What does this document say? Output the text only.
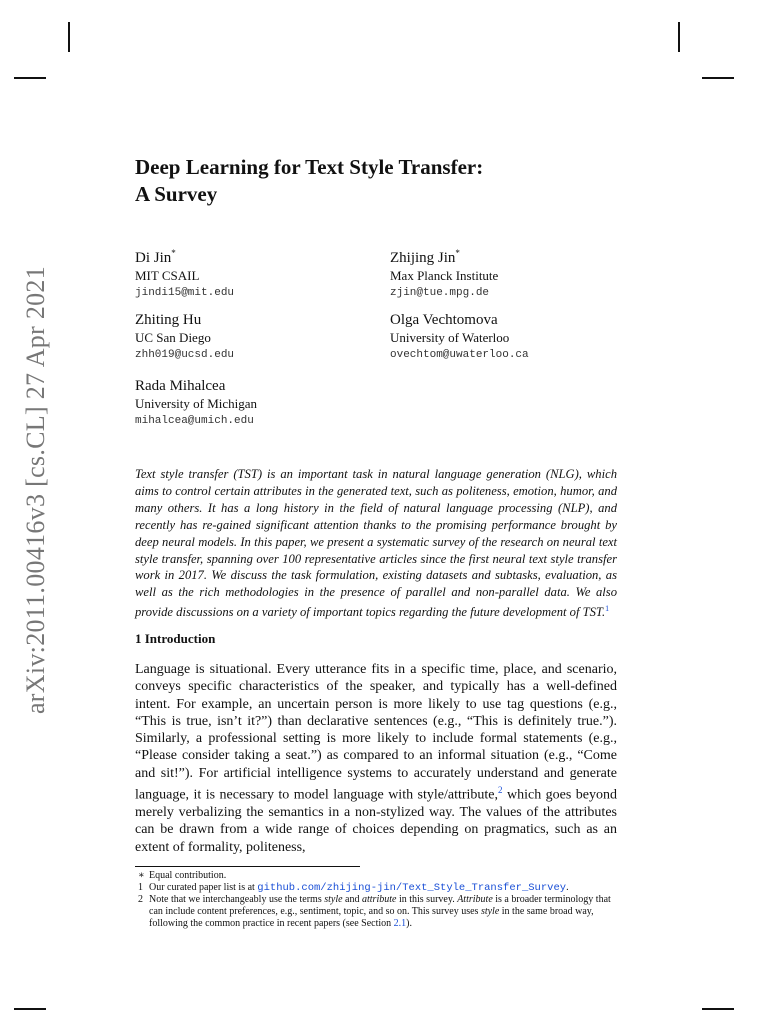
arXiv:2011.00416v3 [cs.CL] 27 Apr 2021
Deep Learning for Text Style Transfer:
A Survey
Di Jin*
MIT CSAIL
jindi15@mit.edu
Zhijing Jin*
Max Planck Institute
zjin@tue.mpg.de
Zhiting Hu
UC San Diego
zhh019@ucsd.edu
Olga Vechtomova
University of Waterloo
ovechtom@uwaterloo.ca
Rada Mihalcea
University of Michigan
mihalcea@umich.edu
Text style transfer (TST) is an important task in natural language generation (NLG), which aims to control certain attributes in the generated text, such as politeness, emotion, humor, and many others. It has a long history in the field of natural language processing (NLP), and recently has re-gained significant attention thanks to the promising performance brought by deep neural models. In this paper, we present a systematic survey of the research on neural text style transfer, spanning over 100 representative articles since the first neural text style transfer work in 2017. We discuss the task formulation, existing datasets and subtasks, evaluation, as well as the rich methodologies in the presence of parallel and non-parallel data. We also provide discussions on a variety of important topics regarding the future development of TST.$^1$
1 Introduction
Language is situational. Every utterance fits in a specific time, place, and scenario, conveys specific characteristics of the speaker, and typically has a well-defined intent. For example, an uncertain person is more likely to use tag questions (e.g., “This is true, isn’t it?”) than declarative sentences (e.g., “This is definitely true.”). Similarly, a professional setting is more likely to include formal statements (e.g., “Please consider taking a seat.”) as compared to an informal situation (e.g., “Come and sit!”). For artificial intelligence systems to accurately understand and generate language, it is necessary to model language with style/attribute,$^2$ which goes beyond merely verbalizing the semantics in a non-stylized way. The values of the attributes can be drawn from a wide range of choices depending on pragmatics, such as an extent of formality, politeness,
∗ Equal contribution.
1 Our curated paper list is at github.com/zhijing-jin/Text_Style_Transfer_Survey.
2 Note that we interchangeably use the terms style and attribute in this survey. Attribute is a broader terminology that can include content preferences, e.g., sentiment, topic, and so on. This survey uses style in the same broad way, following the common practice in recent papers (see Section 2.1).
